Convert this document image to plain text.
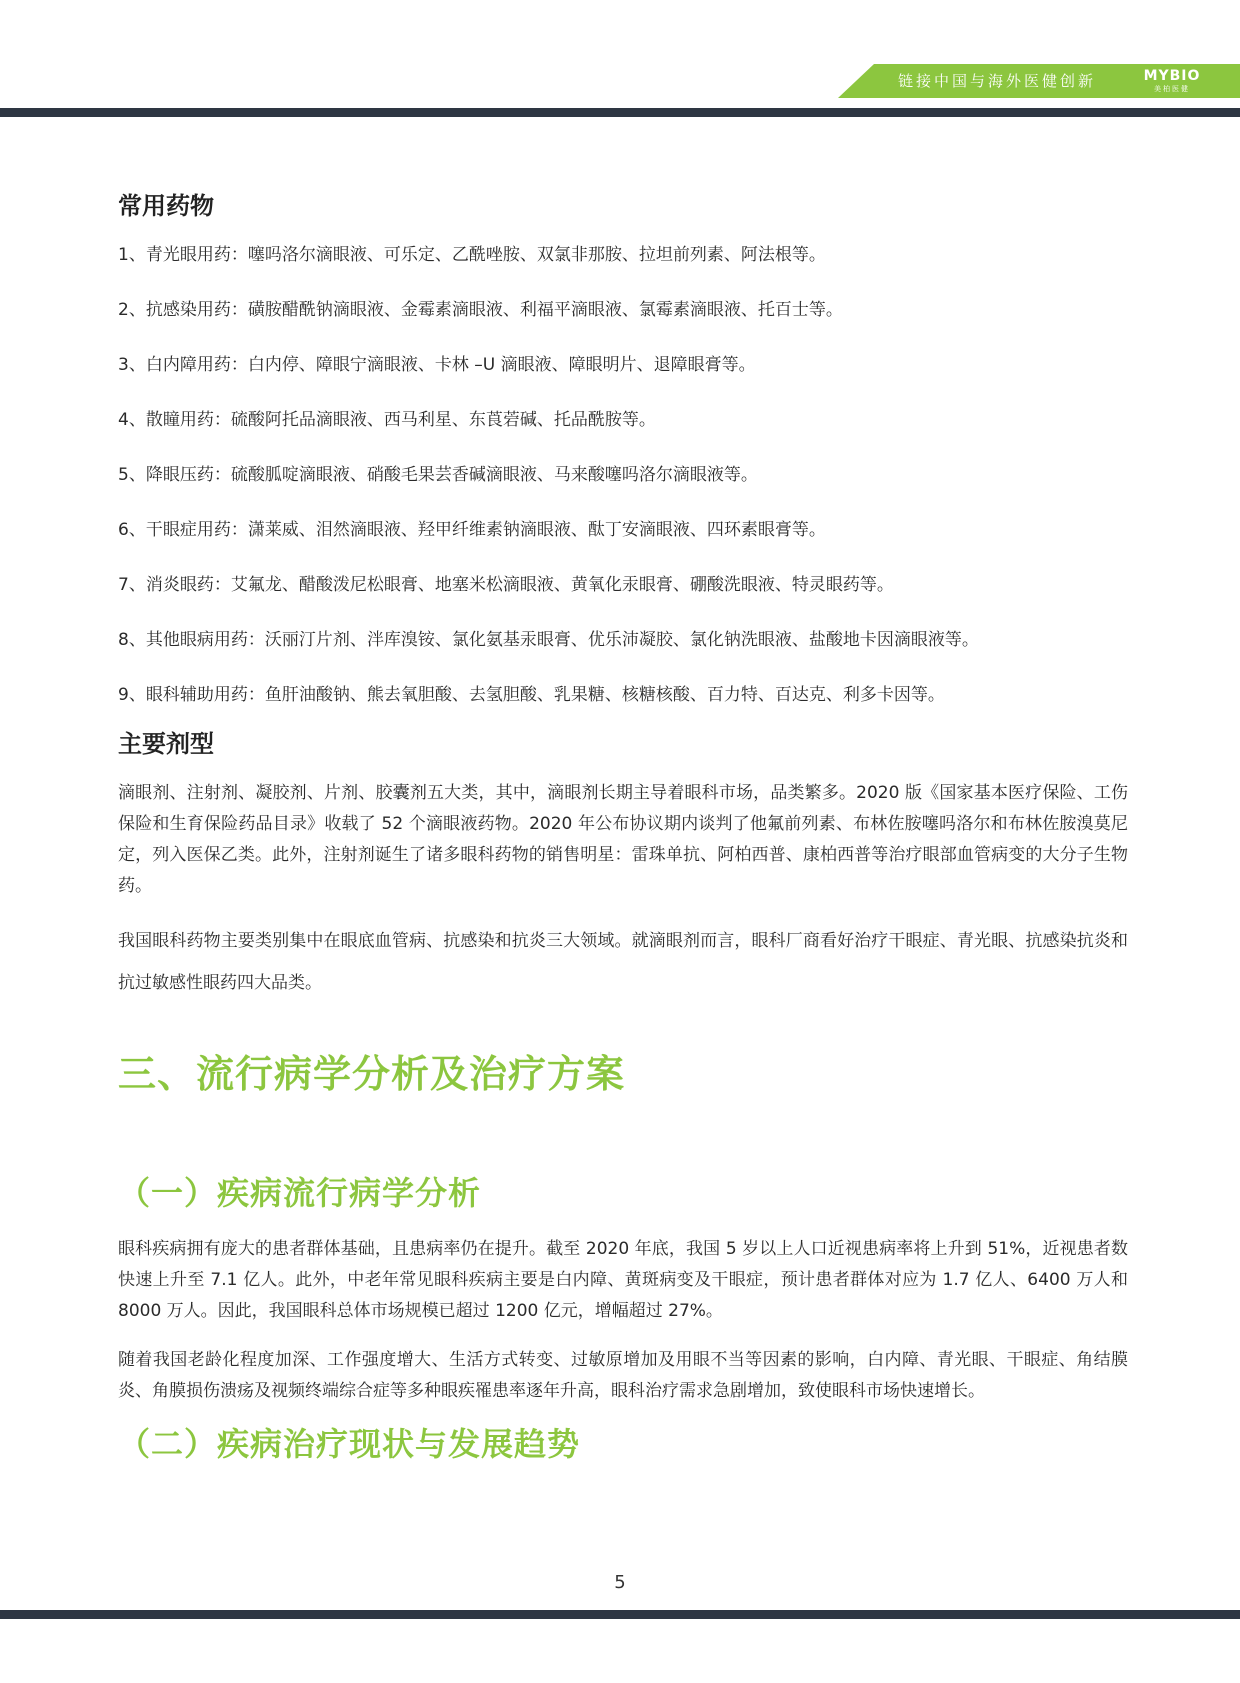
链接中国与海外医健创新	MYBIO
美柏医健
常用药物

1、青光眼用药：噻吗洛尔滴眼液、可乐定、乙酰唑胺、双氯非那胺、拉坦前列素、阿法根等。

2、抗感染用药：磺胺醋酰钠滴眼液、金霉素滴眼液、利福平滴眼液、氯霉素滴眼液、托百士等。

3、白内障用药：白内停、障眼宁滴眼液、卡林 –U 滴眼液、障眼明片、退障眼膏等。

4、散瞳用药：硫酸阿托品滴眼液、西马利星、东莨菪碱、托品酰胺等。

5、降眼压药：硫酸胍啶滴眼液、硝酸毛果芸香碱滴眼液、马来酸噻吗洛尔滴眼液等。

6、干眼症用药：潇莱威、泪然滴眼液、羟甲纤维素钠滴眼液、酞丁安滴眼液、四环素眼膏等。

7、消炎眼药：艾氟龙、醋酸泼尼松眼膏、地塞米松滴眼液、黄氧化汞眼膏、硼酸洗眼液、特灵眼药等。

8、其他眼病用药：沃丽汀片剂、泮库溴铵、氯化氨基汞眼膏、优乐沛凝胶、氯化钠洗眼液、盐酸地卡因滴眼液等。

9、眼科辅助用药：鱼肝油酸钠、熊去氧胆酸、去氢胆酸、乳果糖、核糖核酸、百力特、百达克、利多卡因等。

主要剂型

滴眼剂、注射剂、凝胶剂、片剂、胶囊剂五大类，其中，滴眼剂长期主导着眼科市场，品类繁多。2020 版《国家基本医疗保险、工伤保险和生育保险药品目录》收载了 52 个滴眼液药物。2020 年公布协议期内谈判了他氟前列素、布林佐胺噻吗洛尔和布林佐胺溴莫尼定，列入医保乙类。此外，注射剂诞生了诸多眼科药物的销售明星：雷珠单抗、阿柏西普、康柏西普等治疗眼部血管病变的大分子生物药。

我国眼科药物主要类别集中在眼底血管病、抗感染和抗炎三大领域。就滴眼剂而言，眼科厂商看好治疗干眼症、青光眼、抗感染抗炎和抗过敏感性眼药四大品类。

三、流行病学分析及治疗方案
（一）疾病流行病学分析

眼科疾病拥有庞大的患者群体基础，且患病率仍在提升。截至 2020 年底，我国 5 岁以上人口近视患病率将上升到 51%，近视患者数快速上升至 7.1 亿人。此外，中老年常见眼科疾病主要是白内障、黄斑病变及干眼症，预计患者群体对应为 1.7 亿人、6400 万人和 8000 万人。因此，我国眼科总体市场规模已超过 1200 亿元，增幅超过 27%。

随着我国老龄化程度加深、工作强度增大、生活方式转变、过敏原增加及用眼不当等因素的影响，白内障、青光眼、干眼症、角结膜炎、角膜损伤溃疡及视频终端综合症等多种眼疾罹患率逐年升高，眼科治疗需求急剧增加，致使眼科市场快速增长。

（二）疾病治疗现状与发展趋势
5
